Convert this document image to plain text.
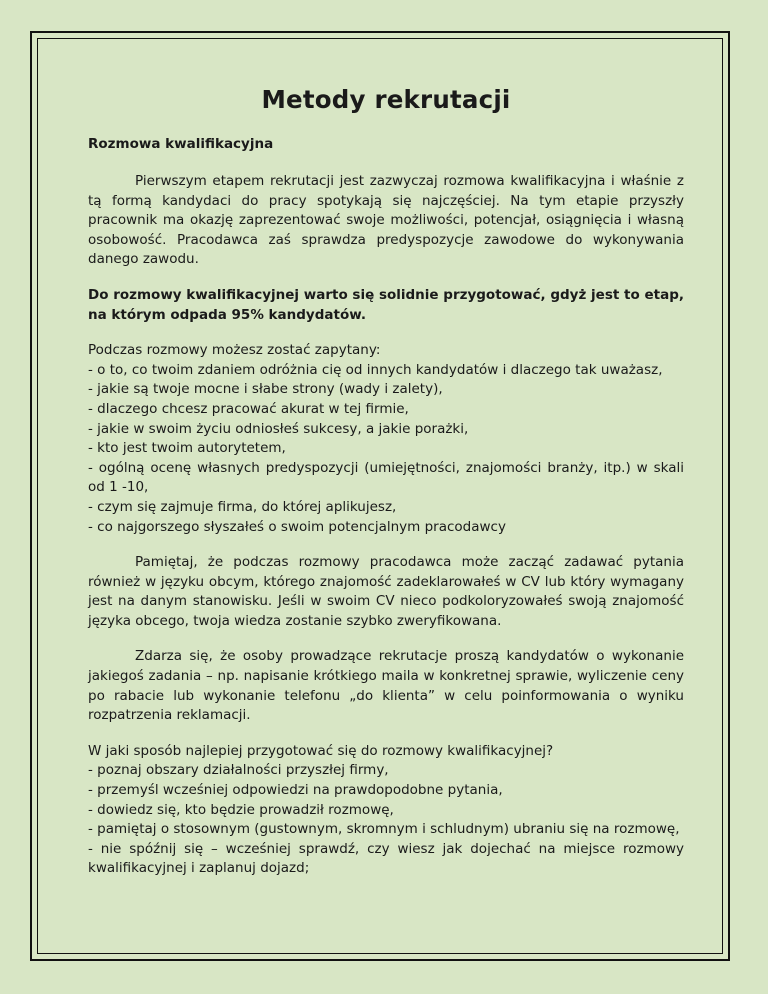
Metody rekrutacji
Rozmowa kwalifikacyjna

Pierwszym etapem rekrutacji jest zazwyczaj rozmowa kwalifikacyjna i właśnie z tą formą kandydaci do pracy spotykają się najczęściej. Na tym etapie przyszły pracownik ma okazję zaprezentować swoje możliwości, potencjał, osiągnięcia i własną osobowość. Pracodawca zaś sprawdza predyspozycje zawodowe do wykonywania danego zawodu.

Do rozmowy kwalifikacyjnej warto się solidnie przygotować, gdyż jest to etap, na którym odpada 95% kandydatów.

Podczas rozmowy możesz zostać zapytany:

- o to, co twoim zdaniem odróżnia cię od innych kandydatów i dlaczego tak uważasz,

- jakie są twoje mocne i słabe strony (wady i zalety),
- dlaczego chcesz pracować akurat w tej firmie,
- jakie w swoim życiu odniosłeś sukcesy, a jakie porażki,
- kto jest twoim autorytetem,

- ogólną ocenę własnych predyspozycji (umiejętności, znajomości branży, itp.) w skali od 1 -10,

- czym się zajmuje firma, do której aplikujesz,
- co najgorszego słyszałeś o swoim potencjalnym pracodawcy

Pamiętaj, że podczas rozmowy pracodawca może zacząć zadawać pytania również w języku obcym, którego znajomość zadeklarowałeś w CV lub który wymagany jest na danym stanowisku. Jeśli w swoim CV nieco podkoloryzowałeś swoją znajomość języka obcego, twoja wiedza zostanie szybko zweryfikowana.

Zdarza się, że osoby prowadzące rekrutacje proszą kandydatów o wykonanie jakiegoś zadania – np. napisanie krótkiego maila w konkretnej sprawie, wyliczenie ceny po rabacie lub wykonanie telefonu „do klienta” w celu poinformowania o wyniku rozpatrzenia reklamacji.

W jaki sposób najlepiej przygotować się do rozmowy kwalifikacyjnej?
- poznaj obszary działalności przyszłej firmy,
- przemyśl wcześniej odpowiedzi na prawdopodobne pytania,
- dowiedz się, kto będzie prowadził rozmowę,

- pamiętaj o stosownym (gustownym, skromnym i schludnym) ubraniu się na rozmowę,

- nie spóźnij się – wcześniej sprawdź, czy wiesz jak dojechać na miejsce rozmowy kwalifikacyjnej i zaplanuj dojazd;
